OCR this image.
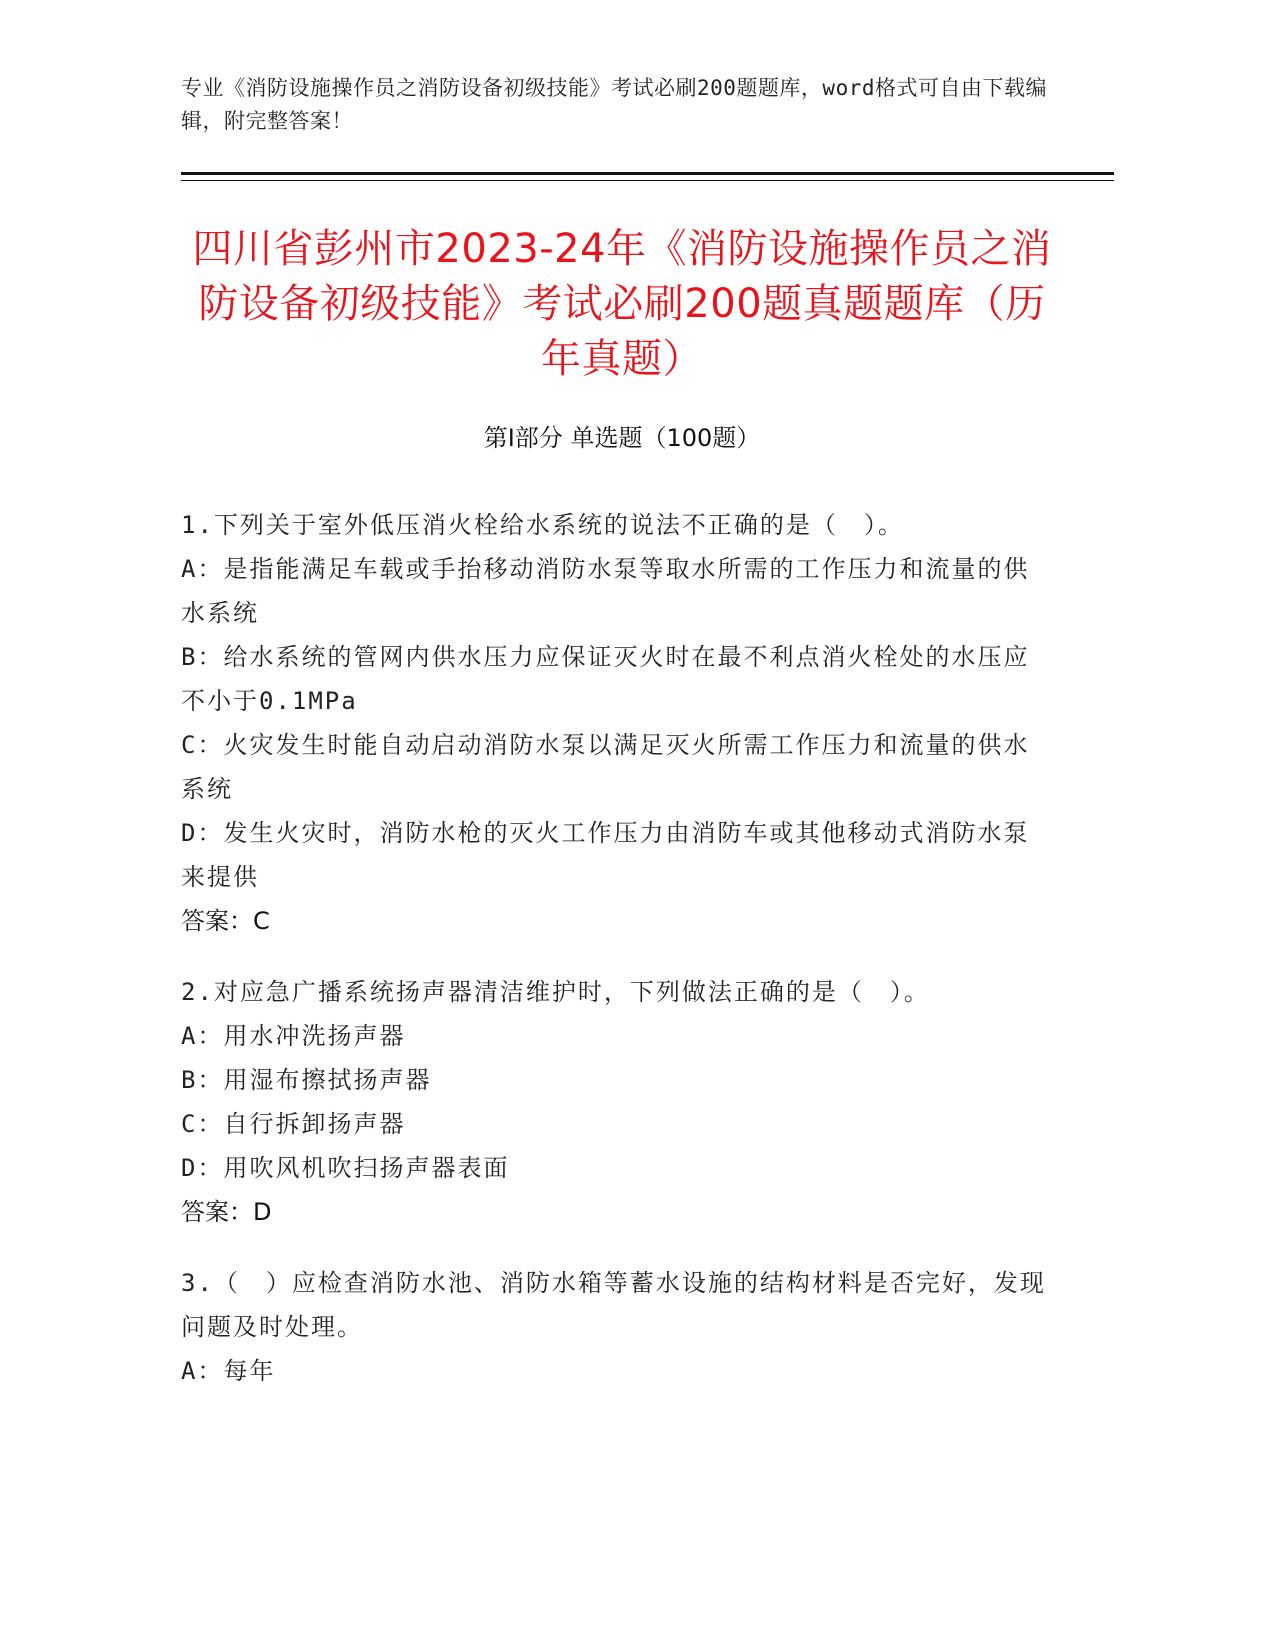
专业《消防设施操作员之消防设备初级技能》考试必刷200题题库，word格式可自由下载编辑，附完整答案！
四川省彭州市2023-24年《消防设施操作员之消防设备初级技能》考试必刷200题真题题库（历年真题）
第Ⅰ部分 单选题（100题）

1.下列关于室外低压消火栓给水系统的说法不正确的是（　）。

A：是指能满足车载或手抬移动消防水泵等取水所需的工作压力和流量的供水系统

B：给水系统的管网内供水压力应保证灭火时在最不利点消火栓处的水压应不小于0.1MPa

C：火灾发生时能自动启动消防水泵以满足灭火所需工作压力和流量的供水系统

D：发生火灾时，消防水枪的灭火工作压力由消防车或其他移动式消防水泵来提供

答案：C

2.对应急广播系统扬声器清洁维护时，下列做法正确的是（　）。

A：用水冲洗扬声器

B：用湿布擦拭扬声器

C：自行拆卸扬声器

D：用吹风机吹扫扬声器表面

答案：D

3.（　）应检查消防水池、消防水箱等蓄水设施的结构材料是否完好，发现问题及时处理。

A：每年
